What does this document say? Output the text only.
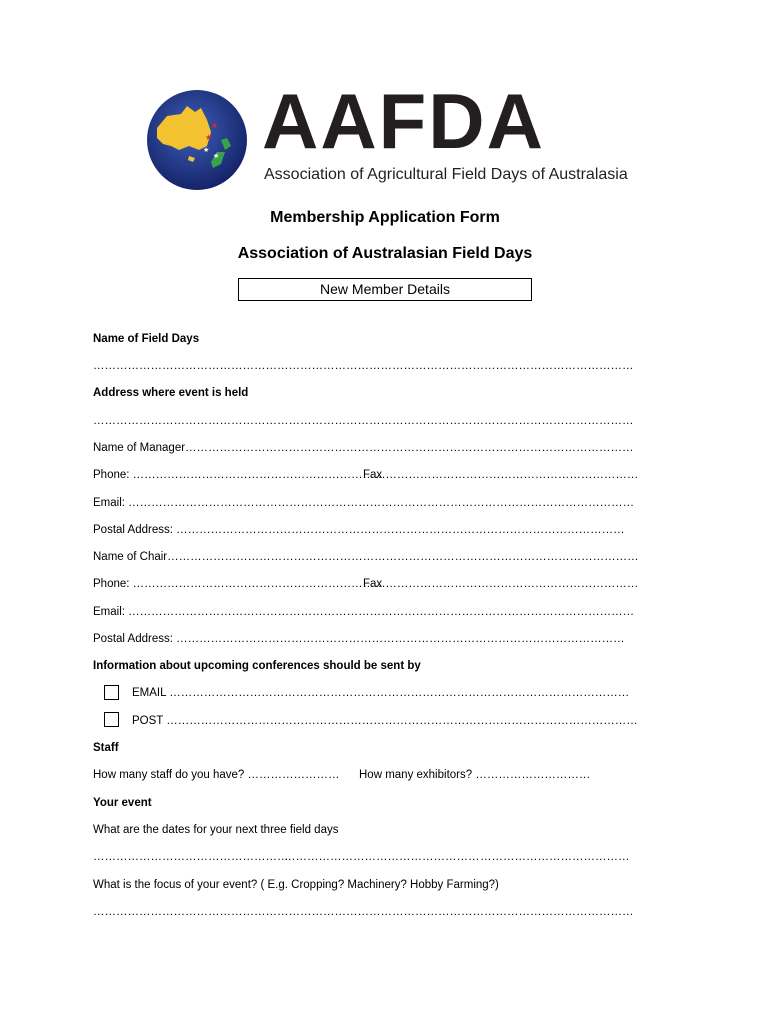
★
★
★
★ AAFDA
Association of Agricultural Field Days of Australasia
Membership Application Form
Association of Australasian Field Days
New Member Details
Name of Field Days
……………………………………………………………………………………………………………………………
Address where event is held
……………………………………………………………………………………………………………………………
Name of Manager………………………………………………………………………………………………………
Phone: …………………………………………………………
Fax …………………………………………………………
Email: ……………………………………………………………………………………………………………………
Postal Address: ………………………………………………………………………………………………………
Name of Chair……………………………………………………………………………………………………………
Phone: …………………………………………………………
Fax …………………………………………………………
Email: ……………………………………………………………………………………………………………………
Postal Address: ………………………………………………………………………………………………………
Information about upcoming conferences should be sent by
EMAIL …………………………………………………………………………………………………………
POST ……………………………………………………………………………………………………………
Staff
How many staff do you have? …………………… How many exhibitors? …………………………
Your event
What are the dates for your next three field days
……………………………………………
…………………………………………… …………………………………
What is the focus of your event? ( E.g. Cropping? Machinery? Hobby Farming?)
……………………………………………………………………………………………………………………………
